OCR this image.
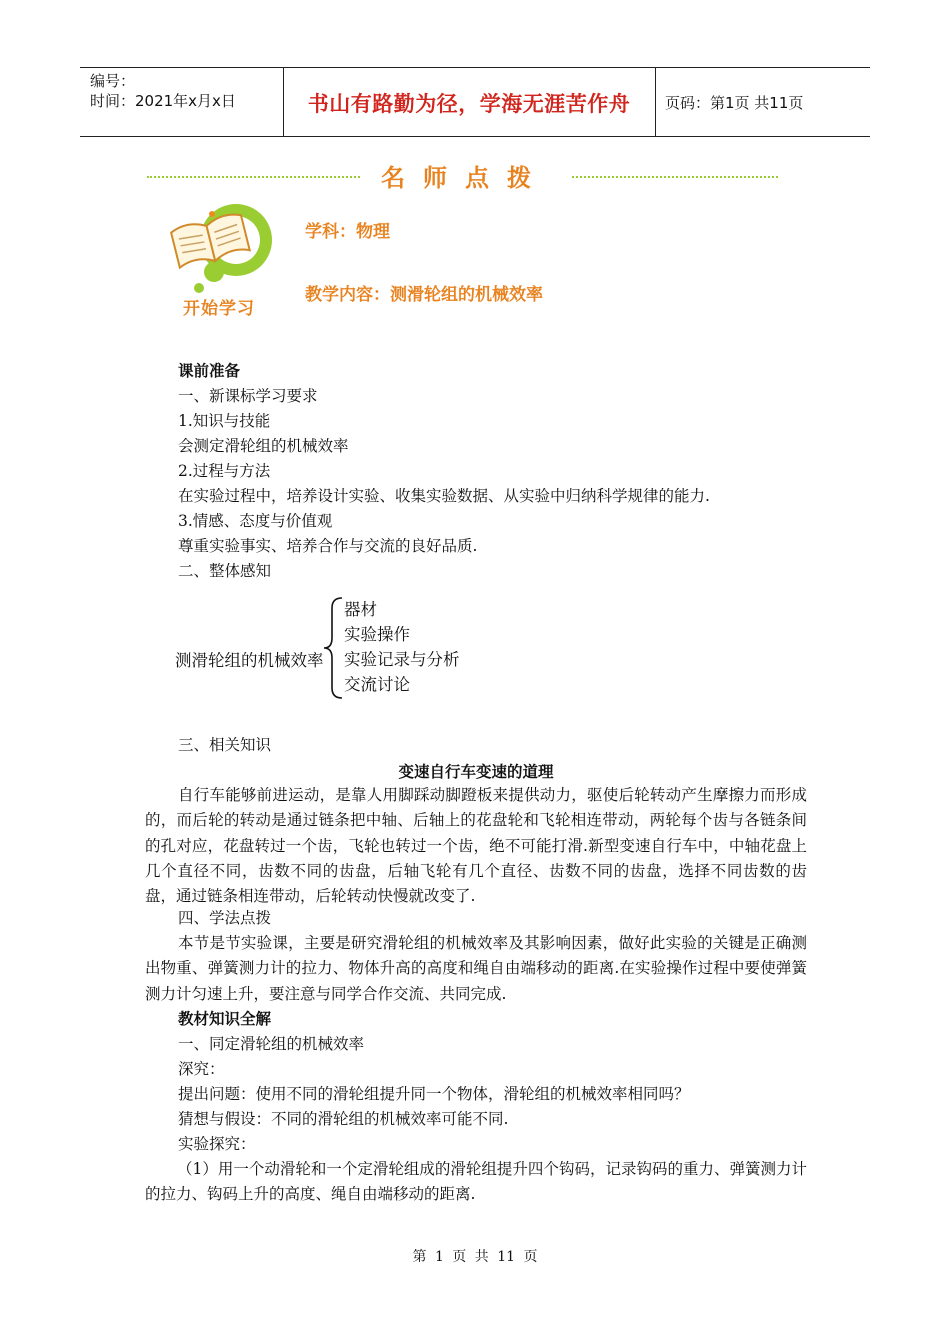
编号：
时间：2021年x月x日	书山有路勤为径，学海无涯苦作舟	页码：第1页 共11页
名师点拨
开始学习
学科：物理
教学内容：测滑轮组的机械效率
课前准备
一、新课标学习要求
1.知识与技能
会测定滑轮组的机械效率
2.过程与方法
在实验过程中，培养设计实验、收集实验数据、从实验中归纳科学规律的能力.
3.情感、态度与价值观
尊重实验事实、培养合作与交流的良好品质.
二、整体感知
测滑轮组的机械效率
器材
实验操作
实验记录与分析
交流讨论
三、相关知识
变速自行车变速的道理
自行车能够前进运动，是靠人用脚踩动脚蹬板来提供动力，驱使后轮转动产生摩擦力而形成的，而后轮的转动是通过链条把中轴、后轴上的花盘轮和飞轮相连带动，两轮每个齿与各链条间的孔对应，花盘转过一个齿，飞轮也转过一个齿，绝不可能打滑.新型变速自行车中，中轴花盘上几个直径不同，齿数不同的齿盘，后轴飞轮有几个直径、齿数不同的齿盘，选择不同齿数的齿盘，通过链条相连带动，后轮转动快慢就改变了.
四、学法点拨
本节是节实验课，主要是研究滑轮组的机械效率及其影响因素，做好此实验的关键是正确测出物重、弹簧测力计的拉力、物体升高的高度和绳自由端移动的距离.在实验操作过程中要使弹簧测力计匀速上升，要注意与同学合作交流、共同完成.
教材知识全解
一、同定滑轮组的机械效率
深究：
提出问题：使用不同的滑轮组提升同一个物体，滑轮组的机械效率相同吗？
猜想与假设：不同的滑轮组的机械效率可能不同.
实验探究：
（1）用一个动滑轮和一个定滑轮组成的滑轮组提升四个钩码，记录钩码的重力、弹簧测力计的拉力、钩码上升的高度、绳自由端移动的距离.
第 1 页 共 11 页
